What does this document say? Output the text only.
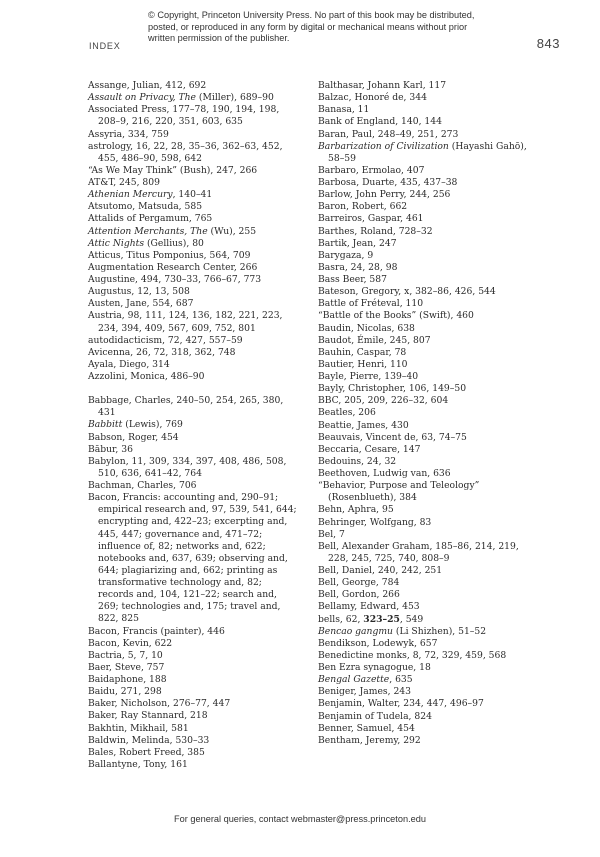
© Copyright, Princeton University Press. No part of this book may be distributed, posted, or reproduced in any form by digital or mechanical means without prior written permission of the publisher.
INDEX	843
Assange, Julian, 412, 692
Assault on Privacy, The (Miller), 689–90
Associated Press, 177–78, 190, 194, 198, 208–9, 216, 220, 351, 603, 635
Assyria, 334, 759
astrology, 16, 22, 28, 35–36, 362–63, 452, 455, 486–90, 598, 642
“As We May Think” (Bush), 247, 266
AT&T, 245, 809
Athenian Mercury, 140–41
Atsutomo, Matsuda, 585
Attalids of Pergamum, 765
Attention Merchants, The (Wu), 255
Attic Nights (Gellius), 80
Atticus, Titus Pomponius, 564, 709
Augmentation Research Center, 266
Augustine, 494, 730–33, 766–67, 773
Augustus, 12, 13, 508
Austen, Jane, 554, 687
Austria, 98, 111, 124, 136, 182, 221, 223, 234, 394, 409, 567, 609, 752, 801
autodidacticism, 72, 427, 557–59
Avicenna, 26, 72, 318, 362, 748
Ayala, Diego, 314
Azzolini, Monica, 486–90
Babbage, Charles, 240–50, 254, 265, 380, 431
Babbitt (Lewis), 769
Babson, Roger, 454
Bābur, 36
Babylon, 11, 309, 334, 397, 408, 486, 508, 510, 636, 641–42, 764
Bachman, Charles, 706
Bacon, Francis: accounting and, 290–91; empirical research and, 97, 539, 541, 644; encrypting and, 422–23; excerpting and, 445, 447; governance and, 471–72; influence of, 82; networks and, 622; notebooks and, 637, 639; observing and, 644; plagiarizing and, 662; printing as transformative technology and, 82; records and, 104, 121–22; search and, 269; technologies and, 175; travel and, 822, 825
Bacon, Francis (painter), 446
Bacon, Kevin, 622
Bactria, 5, 7, 10
Baer, Steve, 757
Baidaphone, 188
Baidu, 271, 298
Baker, Nicholson, 276–77, 447
Baker, Ray Stannard, 218
Bakhtin, Mikhail, 581
Baldwin, Melinda, 530–33
Bales, Robert Freed, 385
Ballantyne, Tony, 161
Balthasar, Johann Karl, 117
Balzac, Honoré de, 344
Banasa, 11
Bank of England, 140, 144
Baran, Paul, 248–49, 251, 273
Barbarization of Civilization (Hayashi Gahō), 58–59
Barbaro, Ermolao, 407
Barbosa, Duarte, 435, 437–38
Barlow, John Perry, 244, 256
Baron, Robert, 662
Barreiros, Gaspar, 461
Barthes, Roland, 728–32
Bartik, Jean, 247
Barygaza, 9
Basra, 24, 28, 98
Bass Beer, 587
Bateson, Gregory, x, 382–86, 426, 544
Battle of Fréteval, 110
“Battle of the Books” (Swift), 460
Baudin, Nicolas, 638
Baudot, Émile, 245, 807
Bauhin, Caspar, 78
Bautier, Henri, 110
Bayle, Pierre, 139–40
Bayly, Christopher, 106, 149–50
BBC, 205, 209, 226–32, 604
Beatles, 206
Beattie, James, 430
Beauvais, Vincent de, 63, 74–75
Beccaria, Cesare, 147
Bedouins, 24, 32
Beethoven, Ludwig van, 636
“Behavior, Purpose and Teleology” (Rosenblueth), 384
Behn, Aphra, 95
Behringer, Wolfgang, 83
Bel, 7
Bell, Alexander Graham, 185–86, 214, 219, 228, 245, 725, 740, 808–9
Bell, Daniel, 240, 242, 251
Bell, George, 784
Bell, Gordon, 266
Bellamy, Edward, 453
bells, 62, 323–25, 549
Bencao gangmu (Li Shizhen), 51–52
Bendikson, Lodewyk, 657
Benedictine monks, 8, 72, 329, 459, 568
Ben Ezra synagogue, 18
Bengal Gazette, 635
Beniger, James, 243
Benjamin, Walter, 234, 447, 496–97
Benjamin of Tudela, 824
Benner, Samuel, 454
Bentham, Jeremy, 292
For general queries, contact webmaster@press.princeton.edu
